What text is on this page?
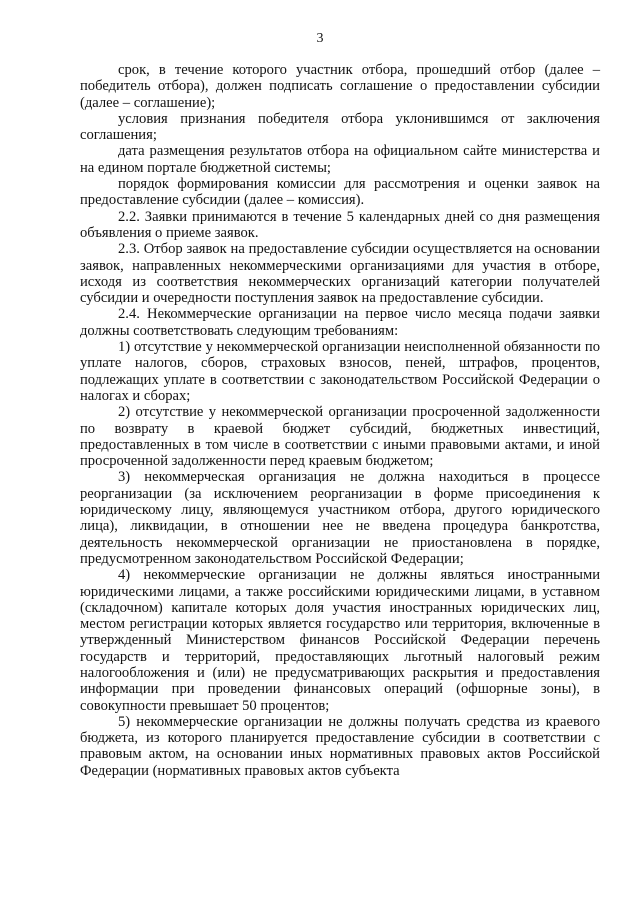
3

срок, в течение которого участник отбора, прошедший отбор (далее – победитель отбора), должен подписать соглашение о предоставлении субсидии (далее – соглашение);

условия признания победителя отбора уклонившимся от заключения соглашения;

дата размещения результатов отбора на официальном сайте министерства и на едином портале бюджетной системы;

порядок формирования комиссии для рассмотрения и оценки заявок на предоставление субсидии (далее – комиссия).

2.2. Заявки принимаются в течение 5 календарных дней со дня размещения объявления о приеме заявок.

2.3. Отбор заявок на предоставление субсидии осуществляется на основании заявок, направленных некоммерческими организациями для участия в отборе, исходя из соответствия некоммерческих организаций категории получателей субсидии и очередности поступления заявок на предоставление субсидии.

2.4. Некоммерческие организации на первое число месяца подачи заявки должны соответствовать следующим требованиям:

1) отсутствие у некоммерческой организации неисполненной обязанности по уплате налогов, сборов, страховых взносов, пеней, штрафов, процентов, подлежащих уплате в соответствии с законодательством Российской Федерации о налогах и сборах;

2) отсутствие у некоммерческой организации просроченной задолженности по возврату в краевой бюджет субсидий, бюджетных инвестиций, предоставленных в том числе в соответствии с иными правовыми актами, и иной просроченной задолженности перед краевым бюджетом;

3) некоммерческая организация не должна находиться в процессе реорганизации (за исключением реорганизации в форме присоединения к юридическому лицу, являющемуся участником отбора, другого юридического лица), ликвидации, в отношении нее не введена процедура банкротства, деятельность некоммерческой организации не приостановлена в порядке, предусмотренном законодательством Российской Федерации;

4) некоммерческие организации не должны являться иностранными юридическими лицами, а также российскими юридическими лицами, в уставном (складочном) капитале которых доля участия иностранных юридических лиц, местом регистрации которых является государство или территория, включенные в утвержденный Министерством финансов Российской Федерации перечень государств и территорий, предоставляющих льготный налоговый режим налогообложения и (или) не предусматривающих раскрытия и предоставления информации при проведении финансовых операций (офшорные зоны), в совокупности превышает 50 процентов;

5) некоммерческие организации не должны получать средства из краевого бюджета, из которого планируется предоставление субсидии в соответствии с правовым актом, на основании иных нормативных правовых актов Российской Федерации (нормативных правовых актов субъекта
